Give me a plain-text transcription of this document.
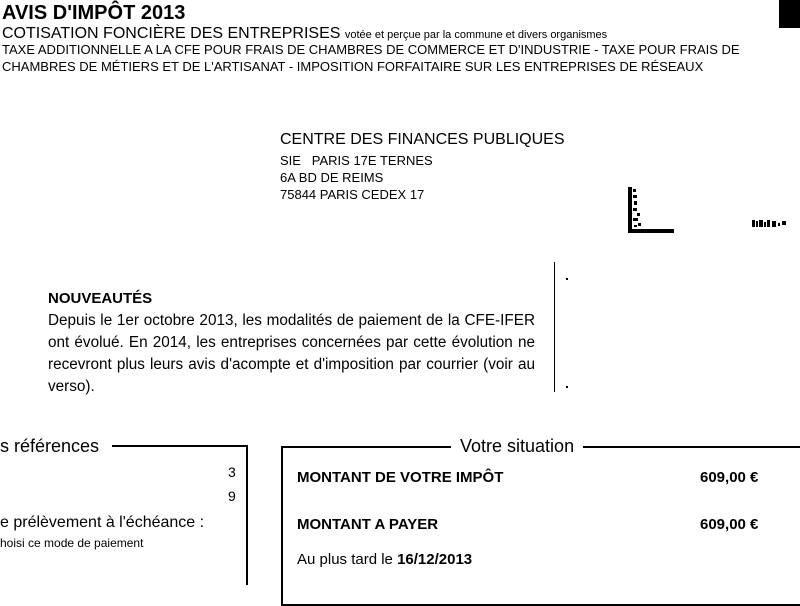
AVIS D'IMPÔT 2013
COTISATION FONCIÈRE DES ENTREPRISES votée et perçue par la commune et divers organismes
TAXE ADDITIONNELLE A LA CFE POUR FRAIS DE CHAMBRES DE COMMERCE ET D'INDUSTRIE - TAXE POUR FRAIS DE CHAMBRES DE MÉTIERS ET DE L'ARTISANAT - IMPOSITION FORFAITAIRE SUR LES ENTREPRISES DE RÉSEAUX
CENTRE DES FINANCES PUBLIQUES
SIE   PARIS 17E TERNES
6A BD DE REIMS
75844 PARIS CEDEX 17
NOUVEAUTÉS
Depuis le 1er octobre 2013, les modalités de paiement de la CFE-IFER ont évolué. En 2014, les entreprises concernées par cette évolution ne recevront plus leurs avis d'acompte et d'imposition par courrier (voir au verso).
s références
3
9
e prélèvement à l'échéance :
hoisi ce mode de paiement
Votre situation
MONTANT DE VOTRE IMPÔT	609,00 €
MONTANT A PAYER	609,00 €
Au plus tard le 16/12/2013
